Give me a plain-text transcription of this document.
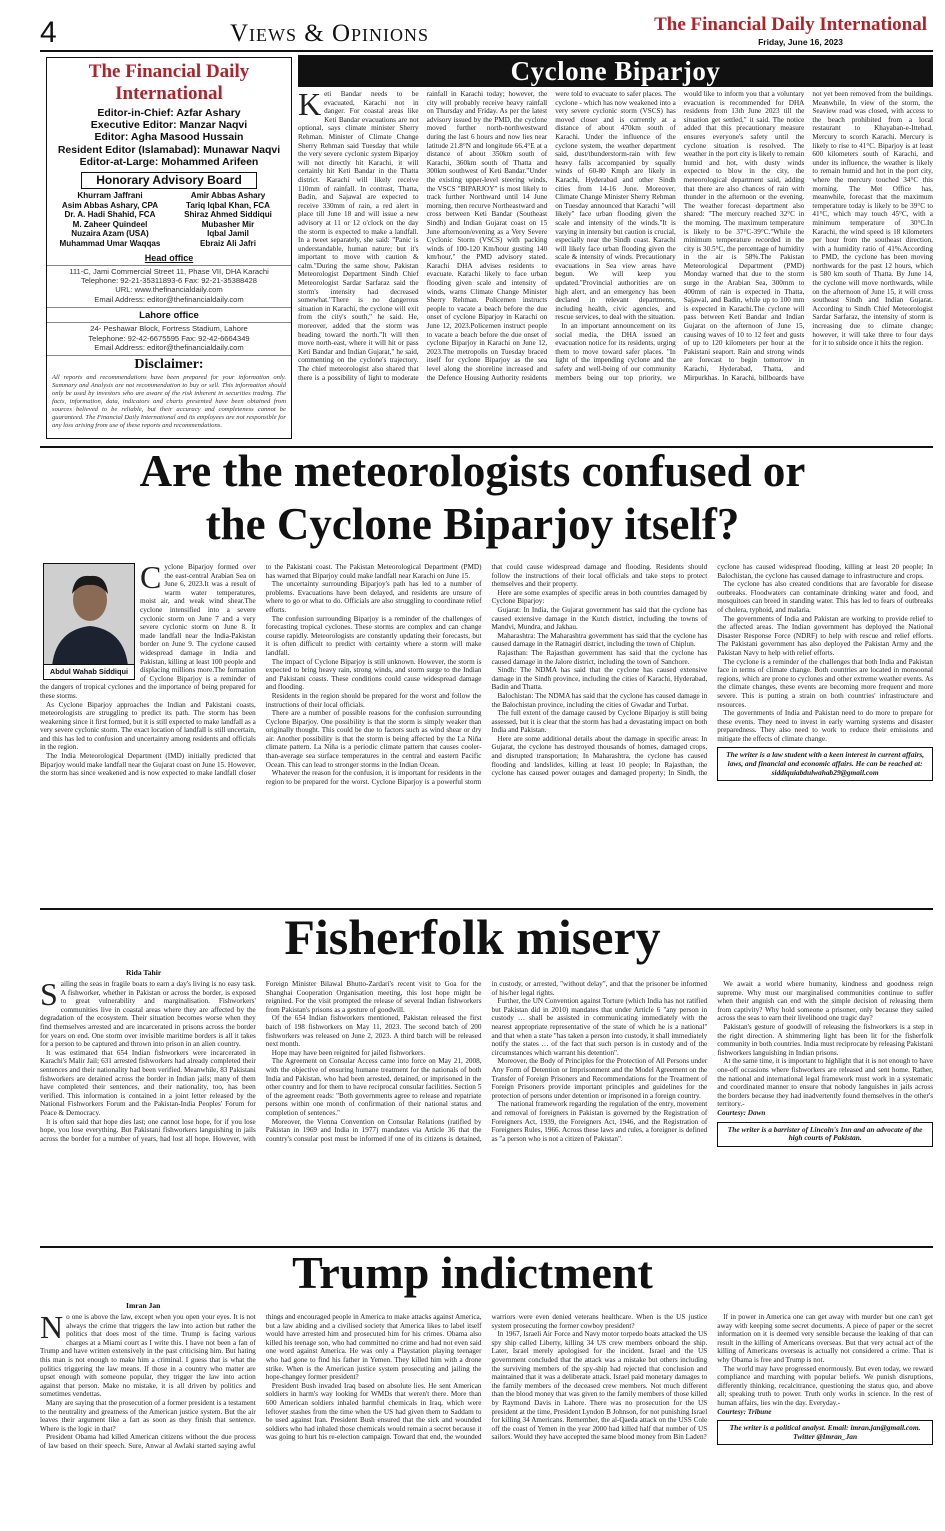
4	Views & Opinions	The Financial Daily International
Friday, June 16, 2023
The Financial Daily International
Editor-in-Chief: Azfar Ashary
Executive Editor: Manzar Naqvi
Editor: Agha Masood Hussain
Resident Editor (Islamabad): Munawar Naqvi
Editor-at-Large: Mohammed Arifeen
Honorary Advisory Board
Khurram Jaffrani
Asim Abbas Ashary, CPA
Dr. A. Hadi Shahid, FCA
M. Zaheer Quindeel
Nuzaira Azam (USA)
Muhammad Umar Waqqas
Amir Abbas Ashary
Tariq Iqbal Khan, FCA
Shiraz Ahmed Siddiqui
Mubasher Mir
Iqbal Jamil
Ebraiz Ali Jafri
Head office
111-C, Jami Commercial Street 11, Phase VII, DHA Karachi
Telephone: 92-21-35311893-6 Fax: 92-21-35388428
URL: www.thefinancialdaily.com
Email Address: editor@thefinancialdaily.com
Lahore office
24- Peshawar Block, Fortress Stadium, Lahore
Telephone: 92-42-6675595 Fax: 92-42-6664349
Email Address: editor@thefinancialdaily.com
Disclaimer:
All reports and recommendations have been prepared for your information only. Summary and Analysis are not recommendation to buy or sell. This information should only be used by investors who are aware of the risk inherent in securities trading. The facts, information, data, indicators and charts presented have been obtained from sources believed to be reliable, but their accuracy and completeness cannot be guaranteed. The Financial Daily International and its employees are not responsible for any loss arising from use of these reports and recommendations.
Cyclone Biparjoy

Keti Bandar needs to be evacuated, Karachi not in danger. For coastal areas like Keti Bandar evacuations are not optional, says climate minister Sherry Rehman. Minister of Climate Change Sherry Rehman said Tuesday that while the very severe cyclonic system Biparjoy will not directly hit Karachi, it will certainly hit Keti Bandar in the Thatta district. Karachi will likely receive 110mm of rainfall. In contrast, Thatta, Badin, and Sajawal are expected to receive 330mm of rain, a red alert in place till June 18 and will issue a new advisory at 11 or 12 o'clock on the day the storm is expected to make a landfall. In a tweet separately, she said: "Panic is understandable, human nature; but it's important to move with caution & calm."During the same show, Pakistan Meteorologist Department Sindh Chief Meteorologist Sardar Sarfaraz said the storm's intensity had decreased somewhat."There is no dangerous situation in Karachi, the cyclone will exit from the city's south," he said. He, moreover, added that the storm was heading toward the north."It will then move north-east, where it will hit or pass Keti Bandar and Indian Gujarat," he said, commenting on the cyclone's trajectory. The chief meteorologist also shared that there is a possibility of light to moderate rainfall in Karachi today; however, the city will probably receive heavy rainfall on Thursday and Friday. As per the latest advisory issued by the PMD, the cyclone moved further north-northwestward during the last 6 hours and now lies near latitude 21.8°N and longitude 66.4°E at a distance of about 350km south of Karachi, 360km south of Thatta and 300km southwest of Keti Bandar."Under the existing upper-level steering winds, the VSCS "BIPARJOY" is most likely to track further Northward until 14 June morning, then recurve Northeastward and cross between Keti Bandar (Southeast Sindh) and Indian Gujarat coast on 15 June afternoon/evening as a Very Severe Cyclonic Storm (VSCS) with packing winds of 100-120 Km/hour gusting 140 km/hour," the PMD advisory stated. Karachi DHA advises residents to evacuate. Karachi likely to face urban flooding given scale and intensity of winds, warns Climate Change Minister Sherry Rehman. Policemen instructs people to vacate a beach before the due onset of cyclone Biparjoy in Karachi on June 12, 2023.Policemen instruct people to vacate a beach before the due onset of cyclone Biparjoy in Karachi on June 12, 2023.The metropolis on Tuesday braced itself for cyclone Biparjoy as the sea level along the shoreline increased and the Defence Housing Authority residents were told to evacuate to safer places. The cyclone - which has now weakened into a very severe cyclonic storm (VSCS) has moved closer and is currently at a distance of about 470km south of Karachi. Under the influence of the cyclone system, the weather department said, dust/thunderstorm-rain with few heavy falls accompanied by squally winds of 60-80 Kmph are likely in Karachi, Hyderabad and other Sindh cities from 14-16 June. Moreover, Climate Change Minister Sherry Rehman on Tuesday announced that Karachi "will likely" face urban flooding given the scale and intensity of the winds."It is varying in intensity but caution is crucial, especially near the Sindh coast. Karachi will likely face urban flooding given the scale & intensity of winds. Precautionary evacuations in Sea view areas have begun. We will keep you updated."Provincial authorities are on high alert, and an emergency has been declared in relevant departments, including health, civic agencies, and rescue services, to deal with the situation.

In an important announcement on its social media, the DHA issued an evacuation notice for its residents, urging them to move toward safer places. "In light of the impending cyclone and the safety and well-being of our community members being our top priority, we would like to inform you that a voluntary evacuation is recommended for DHA residents from 13th June 2023 till the situation get settled," it said. The notice added that this precautionary measure ensures everyone's safety until the cyclone situation is resolved. The weather in the port city is likely to remain humid and hot, with dusty winds expected to blow in the city, the meteorological department said, adding that there are also chances of rain with thunder in the afternoon or the evening. The weather forecast department also shared: "The mercury reached 32°C in the morning. The maximum temperature is likely to be 37°C-39°C."While the minimum temperature recorded in the city is 30.5°C, the percentage of humidity in the air is 58%.The Pakistan Meteorological Department (PMD) Monday warned that due to the storm surge in the Arabian Sea, 300mm to 400mm of rain is expected in Thatta, Sajawal, and Badin, while up to 100 mm is expected in Karachi.The cyclone will pass between Keti Bandar and Indian Gujarat on the afternoon of June 15, causing waves of 10 to 12 feet and gusts of up to 120 kilometers per hour at the Pakistani seaport. Rain and strong winds are forecast to begin tomorrow in Karachi, Hyderabad, Thatta, and Mirpurkhas. In Karachi, billboards have not yet been removed from the buildings. Meanwhile, In view of the storm, the Seaview road was closed, with access to the beach prohibited from a local restaurant to Khayaban-e-Ittehad. Mercury to scorch Karachi. Mercury is likely to rise to 41°C. Biparjoy is at least 600 kilometers south of Karachi, and under its influence, the weather is likely to remain humid and hot in the port city, where the mercury touched 34°C this morning. The Met Office has, meanwhile, forecast that the maximum temperature today is likely to be 39°C to 41°C, which may touch 45°C, with a minimum temperature of 30°C.In Karachi, the wind speed is 18 kilometers per hour from the southeast direction, with a humidity ratio of 41%.According to PMD, the cyclone has been moving northwards for the past 12 hours, which is 580 km south of Thatta. By June 14, the cyclone will move northwards, while on the afternoon of June 15, it will cross southeast Sindh and Indian Gujarat. According to Sindh Chief Meteorologist Sardar Sarfaraz, the intensity of storm is increasing due to climate change; however, it will take three to four days for it to subside once it hits the region.

Are the meteorologists confused or
the Cyclone Biparjoy itself?
Abdul Wahab Siddiqui

Cyclone Biparjoy formed over the east-central Arabian Sea on June 6, 2023.It was a result of warm water temperatures, moist air, and weak wind shear.The cyclone intensified into a severe cyclonic storm on June 7 and a very severe cyclonic storm on June 8. It made landfall near the India-Pakistan border on June 9. The cyclone caused widespread damage in India and Pakistan, killing at least 100 people and displacing millions more.The formation of Cyclone Biparjoy is a reminder of the dangers of tropical cyclones and the importance of being prepared for these storms.

As Cyclone Biparjoy approaches the Indian and Pakistani coasts, meteorologists are struggling to predict its path. The storm has been weakening since it first formed, but it is still expected to make landfall as a very severe cyclonic storm. The exact location of landfall is still uncertain, and this has led to confusion and uncertainty among residents and officials in the region.

The India Meteorological Department (IMD) initially predicted that Biparjoy would make landfall near the Gujarat coast on June 15. However, the storm has since weakened and is now expected to make landfall closer to the Pakistani coast. The Pakistan Meteorological Department (PMD) has warned that Biparjoy could make landfall near Karachi on June 15.

The uncertainty surrounding Biparjoy's path has led to a number of problems. Evacuations have been delayed, and residents are unsure of where to go or what to do. Officials are also struggling to coordinate relief efforts.

The confusion surrounding Biparjoy is a reminder of the challenges of forecasting tropical cyclones. These storms are complex and can change course rapidly. Meteorologists are constantly updating their forecasts, but it is often difficult to predict with certainty where a storm will make landfall.

The impact of Cyclone Biparjoy is still unknown. However, the storm is expected to bring heavy rain, strong winds, and storm surge to the Indian and Pakistani coasts. These conditions could cause widespread damage and flooding.

Residents in the region should be prepared for the worst and follow the instructions of their local officials.

There are a number of possible reasons for the confusion surrounding Cyclone Biparjoy. One possibility is that the storm is simply weaker than originally thought. This could be due to factors such as wind shear or dry air. Another possibility is that the storm is being affected by the La Niña climate pattern. La Niña is a periodic climate pattern that causes cooler-than-average sea surface temperatures in the central and eastern Pacific Ocean. This can lead to stronger storms in the Indian Ocean.

Whatever the reason for the confusion, it is important for residents in the region to be prepared for the worst. Cyclone Biparjoy is a powerful storm that could cause widespread damage and flooding. Residents should follow the instructions of their local officials and take steps to protect themselves and their property.

Here are some examples of specific areas in both countries damaged by Cyclone Biparjoy:

Gujarat: In India, the Gujarat government has said that the cyclone has caused extensive damage in the Kutch district, including the towns of Mandvi, Mundra, and Jakhau.

Maharashtra: The Maharashtra government has said that the cyclone has caused damage in the Ratnagiri district, including the town of Chiplun.

Rajasthan: The Rajasthan government has said that the cyclone has caused damage in the Jalore district, including the town of Sanchore.

Sindh: The NDMA has said that the cyclone has caused extensive damage in the Sindh province, including the cities of Karachi, Hyderabad, Badin and Thatta.

Balochistan: The NDMA has said that the cyclone has caused damage in the Balochistan province, including the cities of Gwadar and Turbat.

The full extent of the damage caused by Cyclone Biparjoy is still being assessed, but it is clear that the storm has had a devastating impact on both India and Pakistan.

Here are some additional details about the damage in specific areas: In Gujarat, the cyclone has destroyed thousands of homes, damaged crops, and disrupted transportation; In Maharashtra, the cyclone has caused flooding and landslides, killing at least 10 people; In Rajasthan, the cyclone has caused power outages and damaged property; In Sindh, the cyclone has caused widespread flooding, killing at least 20 people; In Balochistan, the cyclone has caused damage to infrastructure and crops.

The cyclone has also created conditions that are favorable for disease outbreaks. Floodwaters can contaminate drinking water and food, and mosquitoes can breed in standing water. This has led to fears of outbreaks of cholera, typhoid, and malaria.

The governments of India and Pakistan are working to provide relief to the affected areas. The Indian government has deployed the National Disaster Response Force (NDRF) to help with rescue and relief efforts. The Pakistani government has also deployed the Pakistan Army and the Pakistan Navy to help with relief efforts.

The cyclone is a reminder of the challenges that both India and Pakistan face in terms of climate change. Both countries are located in monsoonal regions, which are prone to cyclones and other extreme weather events. As the climate changes, these events are becoming more frequent and more severe. This is putting a strain on both countries' infrastructure and resources.

The governments of India and Pakistan need to do more to prepare for these events. They need to invest in early warning systems and disaster preparedness. They also need to work to reduce their emissions and mitigate the effects of climate change.

The writer is a law student with a keen interest in current affairs, laws, and financial and economic affairs. He can be reached at: siddiquiabdulwahab29@gmail.com
Fisherfolk misery
Rida Tahir

Sailing the seas in fragile boats to earn a day's living is no easy task. A fishworker, whether in Pakistan or across the border, is exposed to great vulnerability and marginalisation. Fishworkers' communities live in coastal areas where they are affected by the degradation of the ecosystem. Their situation becomes worse when they find themselves arrested and are incarcerated in prisons across the border for years on end. One storm over invisible maritime borders is all it takes for a person to be captured and thrown into prison in an alien country.

It was estimated that 654 Indian fishworkers were incarcerated in Karachi's Malir Jail; 631 arrested fishworkers had already completed their sentences and their nationality had been verified. Meanwhile, 83 Pakistani fishworkers are detained across the border in Indian jails; many of them have completed their sentences, and their nationality, too, has been verified. This information is contained in a joint letter released by the National Fishworkers Forum and the Pakistan-India Peoples' Forum for Peace & Democracy.

It is often said that hope dies last; one cannot lose hope, for if you lose hope, you lose everything. But Pakistani fishworkers languishing in jails across the border for a number of years, had lost all hope. However, with Foreign Minister Bilawal Bhutto-Zardari's recent visit to Goa for the Shanghai Cooperation Organisation meeting, this lost hope might be reignited. For the visit prompted the release of several Indian fishworkers from Pakistan's prisons as a gesture of goodwill.

Of the 654 Indian fishworkers mentioned, Pakistan released the first batch of 198 fishworkers on May 11, 2023. The second batch of 200 fishworkers was released on June 2, 2023. A third batch will be released next month.

Hope may have been reignited for jailed fishworkers.

The Agreement on Consular Access came into force on May 21, 2008, with the objective of ensuring humane treatment for the nationals of both India and Pakistan, who had been arrested, detained, or imprisoned in the other country and for them to have reciprocal consular facilities. Section 5 of the agreement reads: "Both governments agree to release and repatriate persons within one month of confirmation of their national status and completion of sentences."

Moreover, the Vienna Convention on Consular Relations (ratified by Pakistan in 1969 and India in 1977) mandates via Article 36 that the country's consular post must be informed if one of its citizens is detained, in custody, or arrested, "without delay", and that the prisoner be informed of his/her legal rights.

Further, the UN Convention against Torture (which India has not ratified but Pakistan did in 2010) mandates that under Article 6 "any person in custody … shall be assisted in communicating immediately with the nearest appropriate representative of the state of which he is a national" and that when a state "has taken a person into custody, it shall immediately notify the states … of the fact that such person is in custody and of the circumstances which warrant his detention".

Moreover, the Body of Principles for the Protection of All Persons under Any Form of Detention or Imprisonment and the Model Agreement on the Transfer of Foreign Prisoners and Recommendations for the Treatment of Foreign Prisoners provide important principles and guidelines for the protection of persons under detention or imprisoned in a foreign country.

The national framework regarding the regulation of the entry, movement and removal of foreigners in Pakistan is governed by the Registration of Foreigners Act, 1939, the Foreigners Act, 1946, and the Registration of Foreigners Rules, 1966. Across these laws and rules, a foreigner is defined as "a person who is not a citizen of Pakistan".

We await a world where humanity, kindness and goodness reign supreme. Why must our marginalised communities continue to suffer when their anguish can end with the simple decision of releasing them from captivity? Why hold someone a prisoner, only because they sailed across the seas to earn their livelihood one tragic day?

Pakistan's gesture of goodwill of releasing the fishworkers is a step in the right direction. A shimmering light has been lit for the fisherfolk community in both countries. India must reciprocate by releasing Pakistani fishworkers languishing in Indian prisons.

At the same time, it is important to highlight that it is not enough to have one-off occasions where fishworkers are released and sent home. Rather, the national and international legal framework must work in a systematic and coordinated manner to ensure that nobody languishes in jails across the borders because they had inadvertently found themselves in the other's territory.-

Courtesy: Dawn

The writer is a barrister of Lincoln's Inn and an advocate of the high courts of Pakistan.
Trump indictment
Imran Jan

No one is above the law, except when you open your eyes. It is not always the crime that triggers the law into action but rather the politics that does most of the time. Trump is facing various charges at a Miami court as I write this. I have not been a fan of Trump and have written extensively in the past criticising him. But hating this man is not enough to make him a criminal. I guess that is what the politics triggering the law means. If those in a country who matter are upset enough with someone popular, they trigger the law into action against that person. Make no mistake, it is all driven by politics and sometimes vendettas.

Many are saying that the prosecution of a former president is a testament to the neutrality and greatness of the American justice system. But the air leaves their argument like a fart as soon as they finish that sentence. Where is the logic in that?

President Obama had killed American citizens without the due process of law based on their speech. Sure, Anwar al Awlaki started saying awful things and encouraged people in America to make attacks against America, but a law abiding and a civilised society that America likes to label itself would have arrested him and prosecuted him for his crimes. Obama also killed his teenage son, who had committed no crime and had not even said one word against America. He was only a Playstation playing teenager who had gone to find his father in Yemen. They killed him with a drone strike. When is the American justice system prosecuting and jailing the hope-changey former president?

President Bush invaded Iraq based on absolute lies. He sent American soldiers in harm's way looking for WMDs that weren't there. More than 600 American soldiers inhaled harmful chemicals in Iraq, which were leftover stashes from the time when the US had given them to Saddam to be used against Iran. President Bush ensured that the sick and wounded soldiers who had inhaled those chemicals would remain a secret because it was going to hurt his re-election campaign. Toward that end, the wounded warriors were even denied veterans healthcare. When is the US justice system prosecuting the former cowboy president?

In 1967, Israeli Air Force and Navy motor torpedo boats attacked the US spy ship called Liberty, killing 34 US crew members onboard the ship. Later, Israel merely apologised for the incident. Israel and the US government concluded that the attack was a mistake but others including the surviving members of the spy-ship had rejected that conclusion and maintained that it was a deliberate attack. Israel paid monetary damages to the family members of the deceased crew members. Not much different than the blood money that was given to the family members of those killed by Raymond Davis in Lahore. There was no prosecution for the US president at the time, President Lyndon B Johnson, for not punishing Israel for killing 34 Americans. Remember, the al-Qaeda attack on the USS Cole off the coast of Yemen in the year 2000 had killed half that number of US sailors. Would they have accepted the same blood money from Bin Laden?

If in power in America one can get away with murder but one can't get away with keeping some secret documents. A piece of paper or the secret information on it is deemed very sensible because the leaking of that can result in the killing of Americans overseas. But that very actual act of the killing of Americans overseas is actually not considered a crime. That is why Obama is free and Trump is not.

The world may have progressed enormously. But even today, we reward compliance and marching with popular beliefs. We punish disruptions, differently thinking, recalcitrance, questioning the status quo, and above all; speaking truth to power. Truth only works in science. In the rest of human affairs, lies win the day. Everyday.-

Courtesy: Tribune

The writer is a political analyst. Email: imran.jan@gmail.com. Twitter @Imran_Jan
